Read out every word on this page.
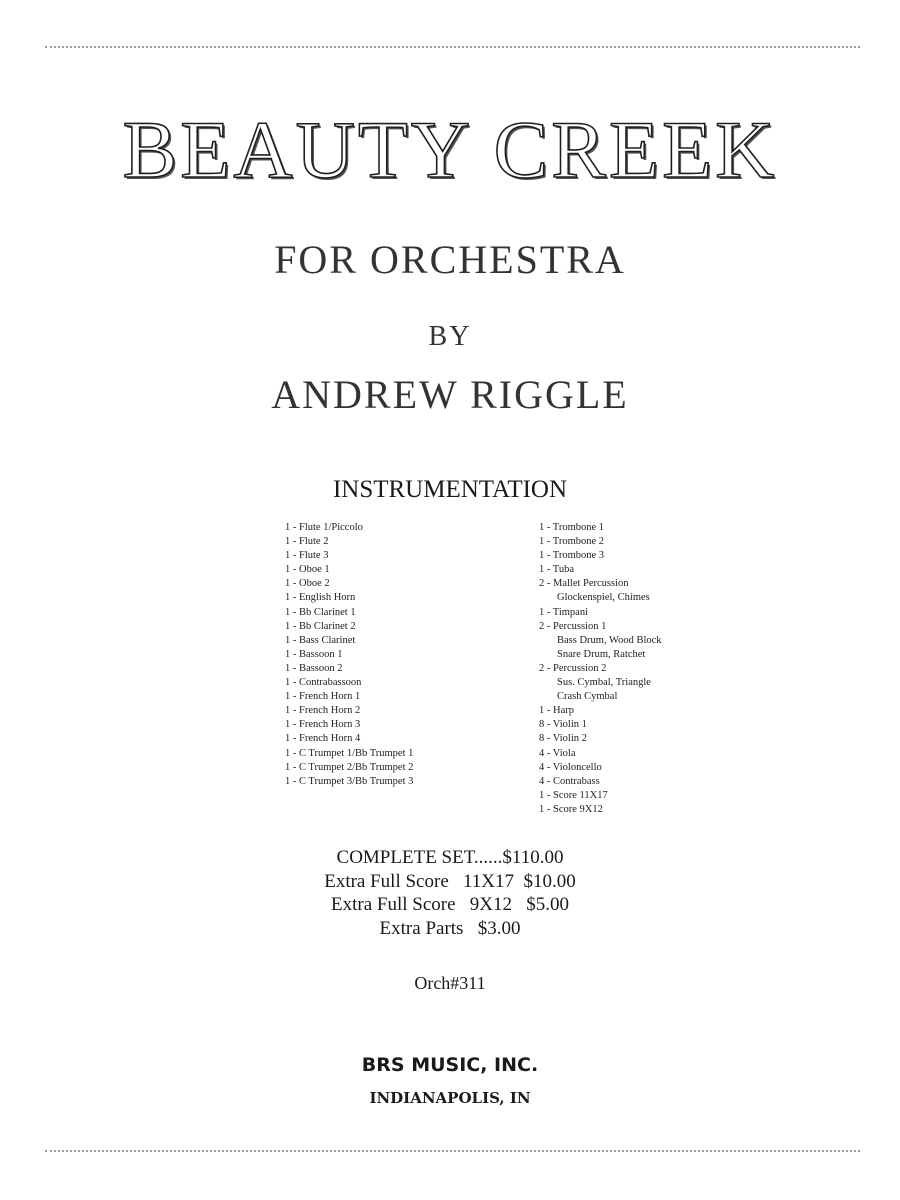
BEAUTY CREEK
FOR ORCHESTRA
BY
ANDREW RIGGLE
INSTRUMENTATION
1 - Flute 1/Piccolo
1 - Flute 2
1 - Flute 3
1 - Oboe 1
1 - Oboe 2
1 - English Horn
1 - Bb Clarinet 1
1 - Bb Clarinet 2
1 - Bass Clarinet
1 - Bassoon 1
1 - Bassoon 2
1 - Contrabassoon
1 - French Horn 1
1 - French Horn 2
1 - French Horn 3
1 - French Horn 4
1 - C Trumpet 1/Bb Trumpet 1
1 - C Trumpet 2/Bb Trumpet 2
1 - C Trumpet 3/Bb Trumpet 3
1 - Trombone 1
1 - Trombone 2
1 - Trombone 3
1 - Tuba
2 - Mallet Percussion
Glockenspiel, Chimes
1 - Timpani
2 - Percussion 1
Bass Drum, Wood Block
Snare Drum, Ratchet
2 - Percussion 2
Sus. Cymbal, Triangle
Crash Cymbal
1 - Harp
8 - Violin 1
8 - Violin 2
4 - Viola
4 - Violoncello
4 - Contrabass
1 - Score 11X17
1 - Score 9X12
COMPLETE SET......$110.00
Extra Full Score   11X17  $10.00
Extra Full Score   9X12   $5.00
Extra Parts   $3.00
Orch#311
BRS MUSIC, INC.
INDIANAPOLIS, IN
